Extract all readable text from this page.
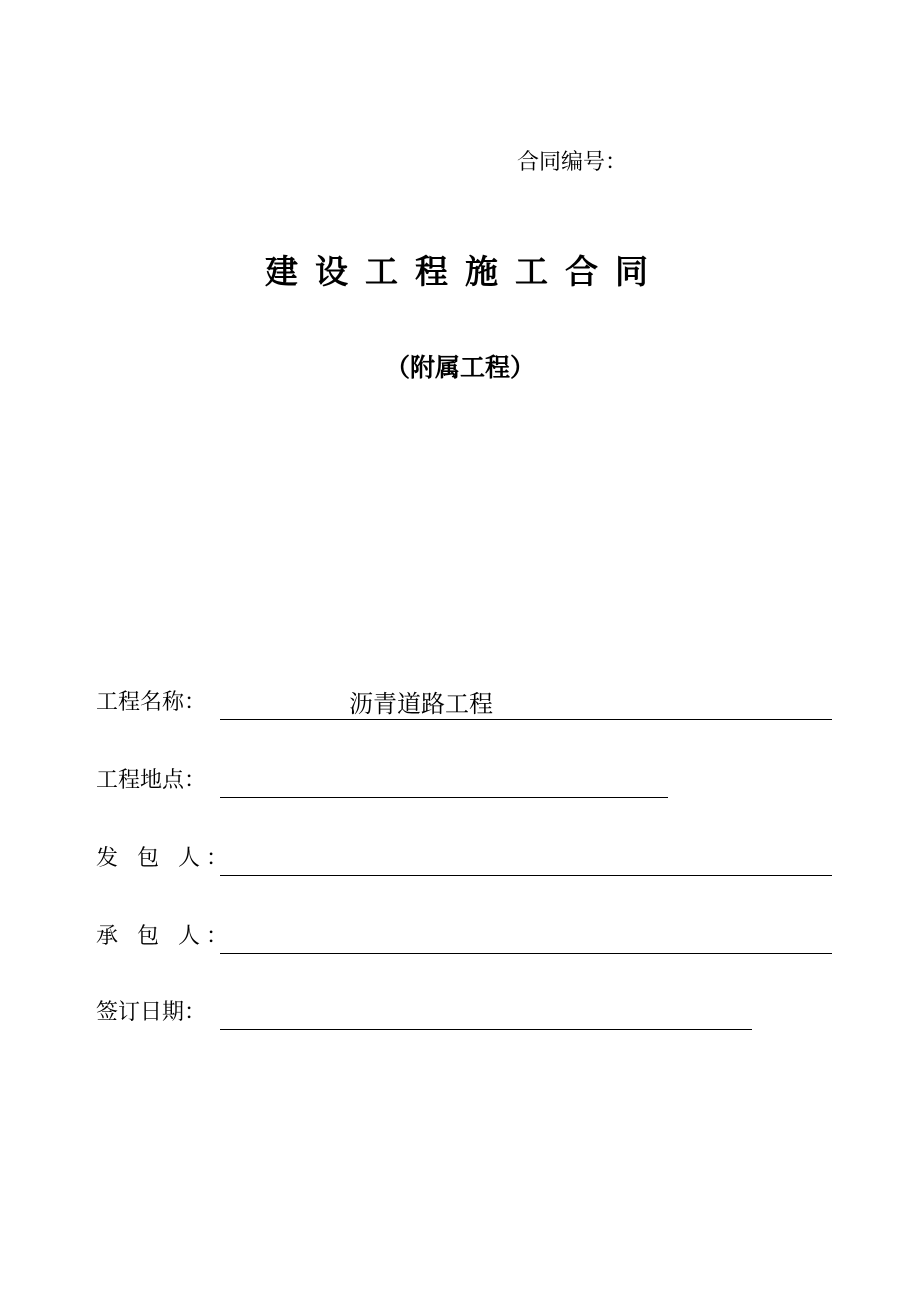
合同编号：
建设工程施工合同
（附属工程）
工程名称：	沥青道路工程
工程地点：
发 包 人：
承 包 人：
签订日期：
